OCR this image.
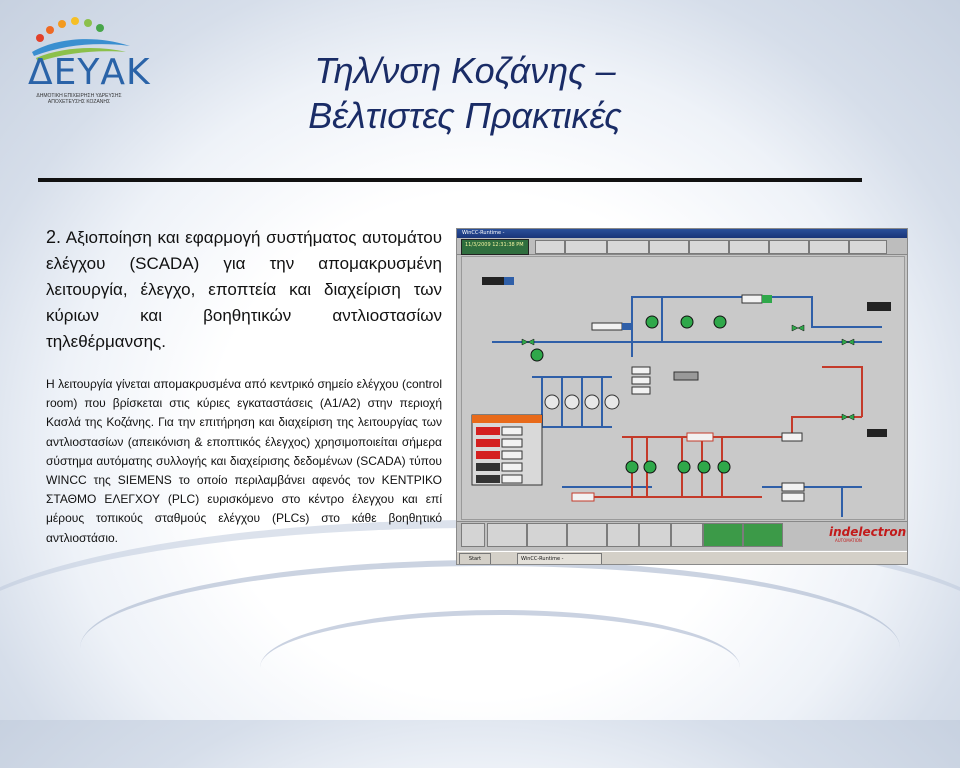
ΔΕΥΑΚ
ΔΗΜΟΤΙΚΗ ΕΠΙΧΕΙΡΗΣΗ ΥΔΡΕΥΣΗΣ ΑΠΟΧΕΤΕΥΣΗΣ ΚΟΖΑΝΗΣ
Τηλ/νση Κοζάνης –
Βέλτιστες Πρακτικές
2. Αξιοποίηση και εφαρμογή συστήματος αυτομάτου ελέγχου (SCADA) για την απομακρυσμένη λειτουργία, έλεγχο, εποπτεία και διαχείριση των κύριων και βοηθητικών αντλιοστασίων τηλεθέρμανσης.
Η λειτουργία γίνεται απομακρυσμένα από κεντρικό σημείο ελέγχου (control room) που βρίσκεται στις κύριες εγκαταστάσεις (Α1/Α2) στην περιοχή Κασλά της Κοζάνης. Για την επιτήρηση και διαχείριση της λειτουργίας των αντλιοστασίων (απεικόνιση & εποπτικός έλεγχος) χρησιμοποιείται σήμερα σύστημα αυτόματης συλλογής και διαχείρισης δεδομένων (SCADA) τύπου WINCC της SIEMENS το οποίο περιλαμβάνει αφενός τον ΚΕΝΤΡΙΚΟ ΣΤΑΘΜΟ ΕΛΕΓΧΟΥ (PLC) ευρισκόμενο στο κέντρο έλεγχου και επί μέρους τοπικούς σταθμούς ελέγχου (PLCs) στο κάθε βοηθητικό αντλιοστάσιο.
WinCC-Runtime -
11/3/2009 12:31:38 PM
indelectron
AUTOMATION
Start	WinCC-Runtime -
